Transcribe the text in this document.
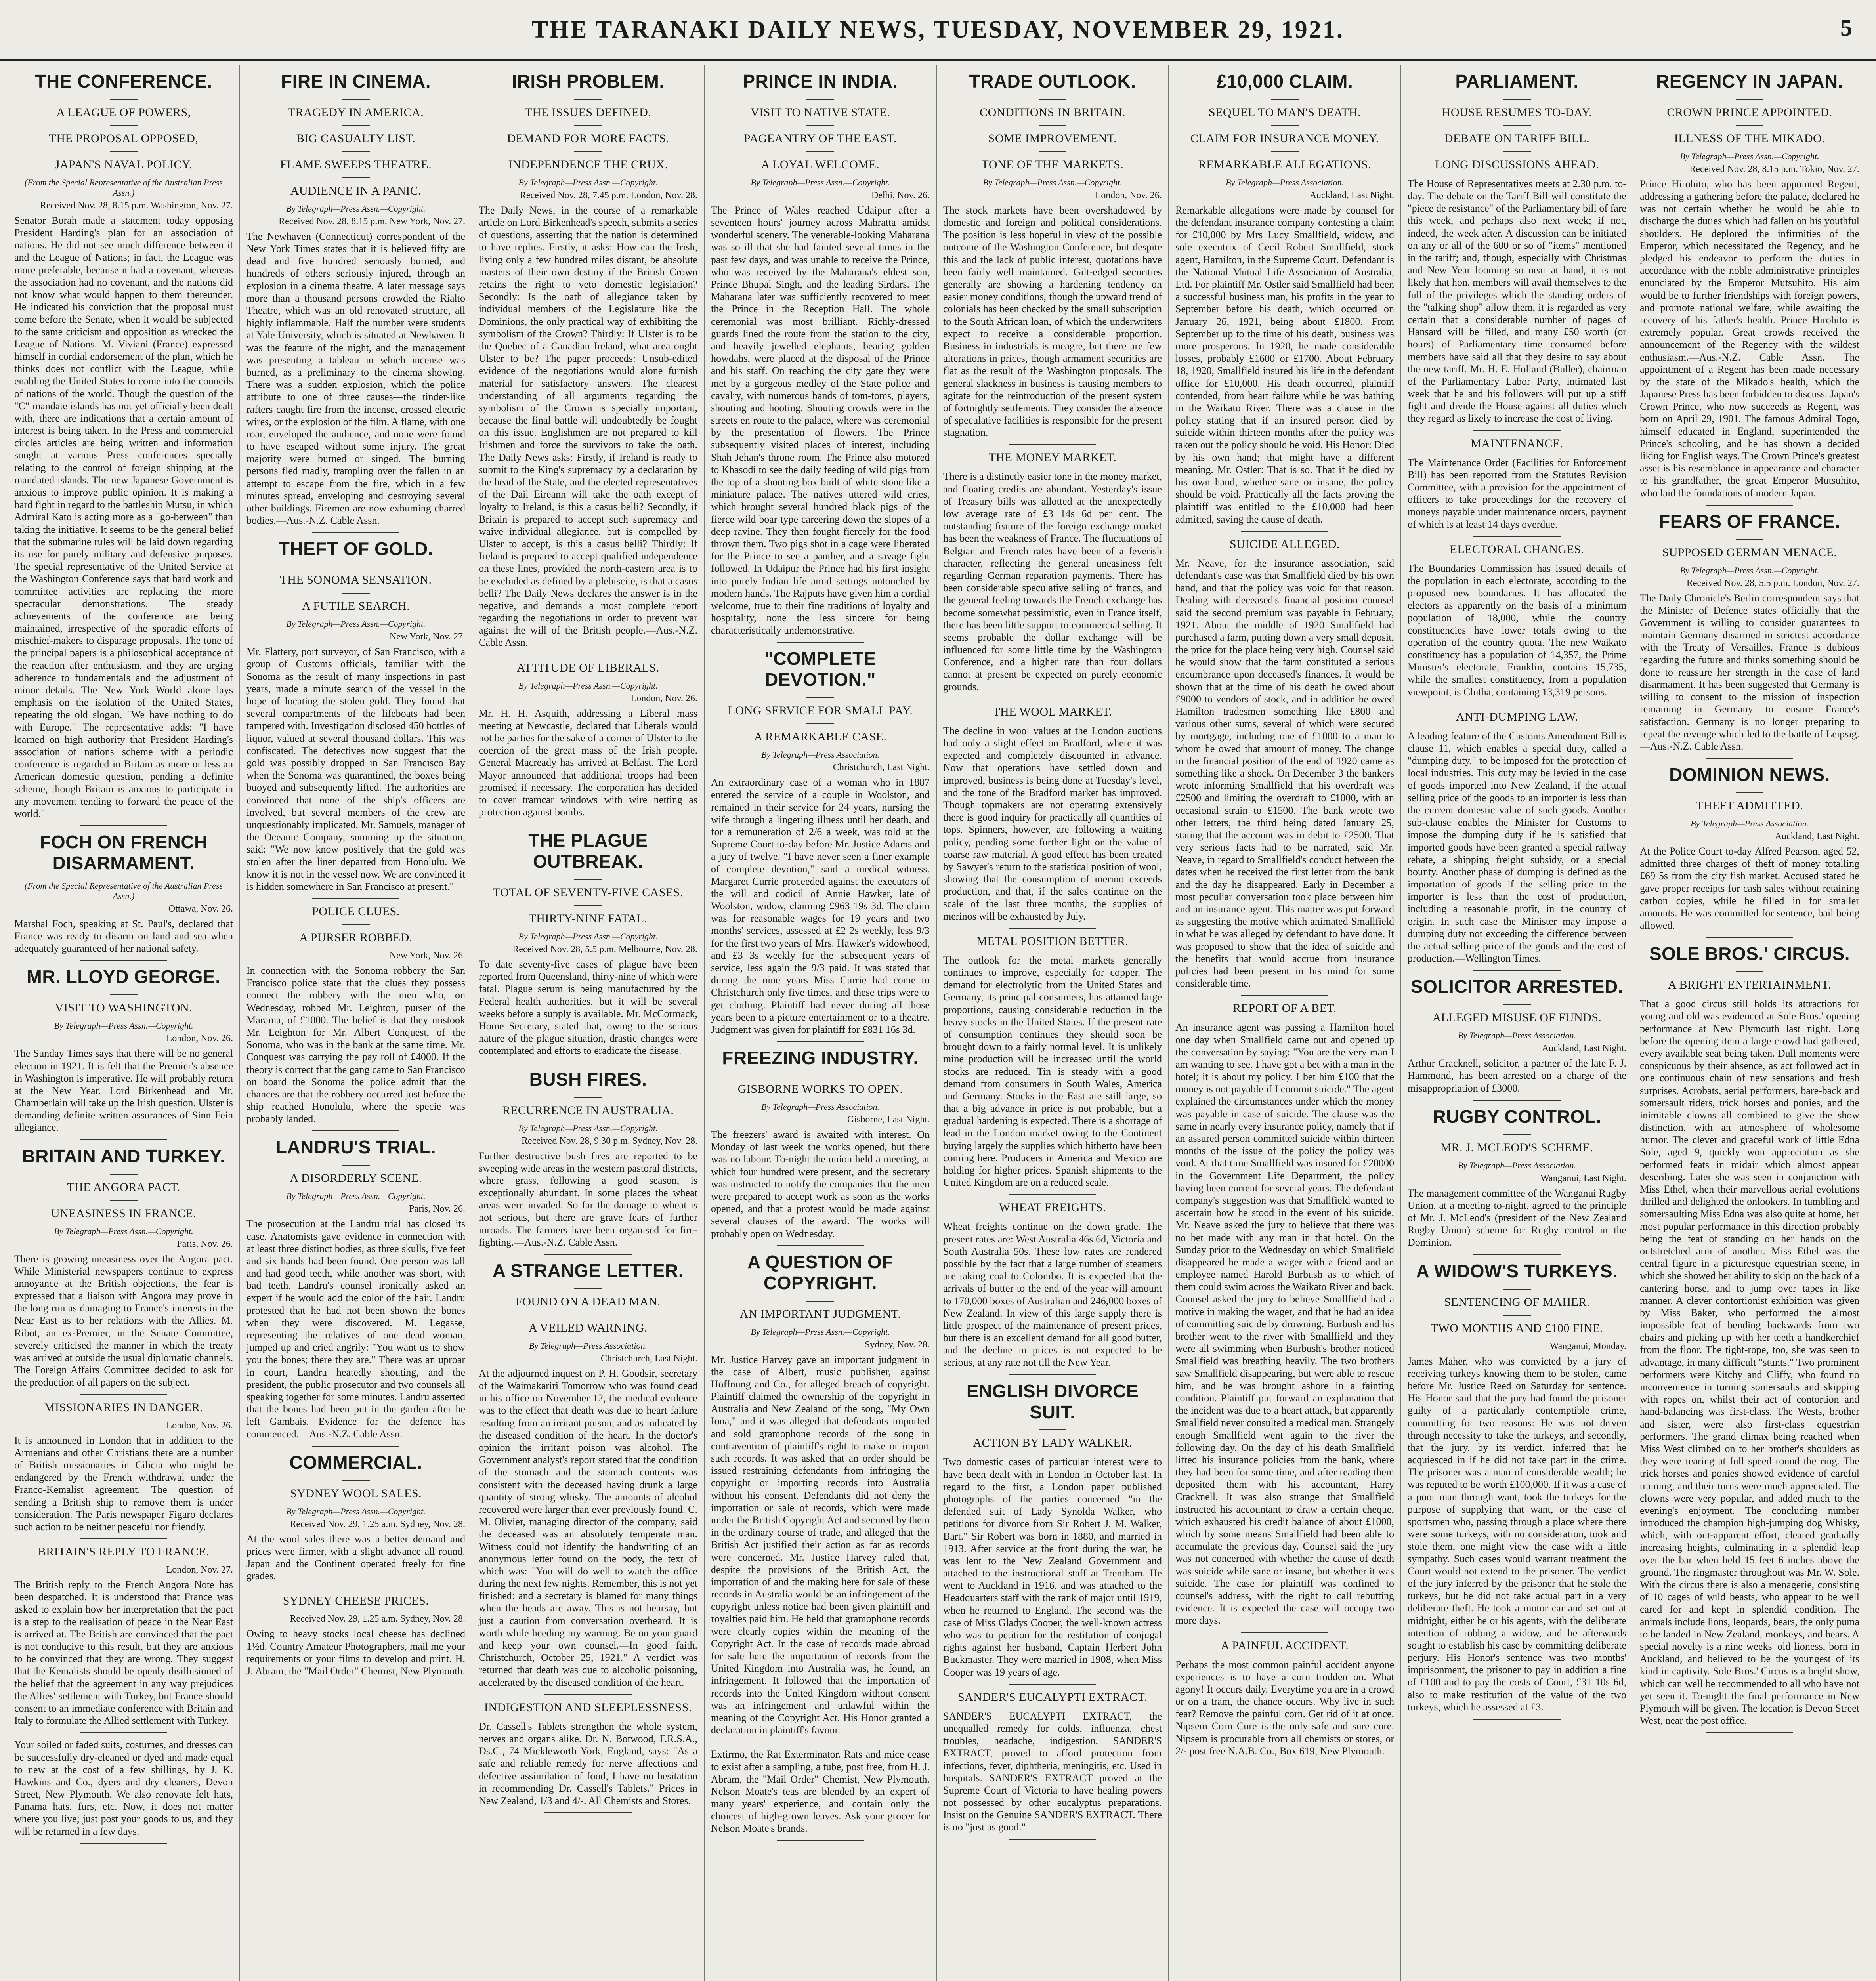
THE TARANAKI DAILY NEWS, TUESDAY, NOVEMBER 29, 1921.	5
THE CONFERENCE.
A LEAGUE OF POWERS,
THE PROPOSAL OPPOSED,
JAPAN'S NAVAL POLICY.
(From the Special Representative of the Australian Press Assn.)
Received Nov. 28, 8.15 p.m. Washington, Nov. 27.

Senator Borah made a statement today opposing President Harding's plan for an association of nations. He did not see much difference between it and the League of Nations; in fact, the League was more preferable, because it had a covenant, whereas the association had no covenant, and the nations did not know what would happen to them thereunder. He indicated his conviction that the proposal must come before the Senate, when it would be subjected to the same criticism and opposition as wrecked the League of Nations. M. Viviani (France) expressed himself in cordial endorsement of the plan, which he thinks does not conflict with the League, while enabling the United States to come into the councils of nations of the world. Though the question of the "C" mandate islands has not yet officially been dealt with, there are indications that a certain amount of interest is being taken. In the Press and commercial circles articles are being written and information sought at various Press conferences specially relating to the control of foreign shipping at the mandated islands. The new Japanese Government is anxious to improve public opinion. It is making a hard fight in regard to the battleship Mutsu, in which Admiral Kato is acting more as a "go-between" than taking the initiative. It seems to be the general belief that the submarine rules will be laid down regarding its use for purely military and defensive purposes. The special representative of the United Service at the Washington Conference says that hard work and committee activities are replacing the more spectacular demonstrations. The steady achievements of the conference are being maintained, irrespective of the sporadic efforts of mischief-makers to disparage proposals. The tone of the principal papers is a philosophical acceptance of the reaction after enthusiasm, and they are urging adherence to fundamentals and the adjustment of minor details. The New York World alone lays emphasis on the isolation of the United States, repeating the old slogan, "We have nothing to do with Europe." The representative adds: "I have learned on high authority that President Harding's association of nations scheme with a periodic conference is regarded in Britain as more or less an American domestic question, pending a definite scheme, though Britain is anxious to participate in any movement tending to forward the peace of the world."

FOCH ON FRENCH DISARMAMENT.
(From the Special Representative of the Australian Press Assn.)
Ottawa, Nov. 26.

Marshal Foch, speaking at St. Paul's, declared that France was ready to disarm on land and sea when adequately guaranteed of her national safety.

MR. LLOYD GEORGE.
VISIT TO WASHINGTON.
By Telegraph—Press Assn.—Copyright.
London, Nov. 26.

The Sunday Times says that there will be no general election in 1921. It is felt that the Premier's absence in Washington is imperative. He will probably return at the New Year. Lord Birkenhead and Mr. Chamberlain will take up the Irish question. Ulster is demanding definite written assurances of Sinn Fein allegiance.

BRITAIN AND TURKEY.
THE ANGORA PACT.
UNEASINESS IN FRANCE.
By Telegraph—Press Assn.—Copyright.
Paris, Nov. 26.

There is growing uneasiness over the Angora pact. While Ministerial newspapers continue to express annoyance at the British objections, the fear is expressed that a liaison with Angora may prove in the long run as damaging to France's interests in the Near East as to her relations with the Allies. M. Ribot, an ex-Premier, in the Senate Committee, severely criticised the manner in which the treaty was arrived at outside the usual diplomatic channels. The Foreign Affairs Committee decided to ask for the production of all papers on the subject.

MISSIONARIES IN DANGER.
London, Nov. 26.

It is announced in London that in addition to the Armenians and other Christians there are a number of British missionaries in Cilicia who might be endangered by the French withdrawal under the Franco-Kemalist agreement. The question of sending a British ship to remove them is under consideration. The Paris newspaper Figaro declares such action to be neither peaceful nor friendly.

BRITAIN'S REPLY TO FRANCE.
London, Nov. 27.

The British reply to the French Angora Note has been despatched. It is understood that France was asked to explain how her interpretation that the pact is a step to the realisation of peace in the Near East is arrived at. The British are convinced that the pact is not conducive to this result, but they are anxious to be convinced that they are wrong. They suggest that the Kemalists should be openly disillusioned of the belief that the agreement in any way prejudices the Allies' settlement with Turkey, but France should consent to an immediate conference with Britain and Italy to formulate the Allied settlement with Turkey.

Your soiled or faded suits, costumes, and dresses can be successfully dry-cleaned or dyed and made equal to new at the cost of a few shillings, by J. K. Hawkins and Co., dyers and dry cleaners, Devon Street, New Plymouth. We also renovate felt hats, Panama hats, furs, etc. Now, it does not matter where you live; just post your goods to us, and they will be returned in a few days.

FIRE IN CINEMA.
TRAGEDY IN AMERICA.
BIG CASUALTY LIST.
FLAME SWEEPS THEATRE.
AUDIENCE IN A PANIC.
By Telegraph—Press Assn.—Copyright.
Received Nov. 28, 8.15 p.m. New York, Nov. 27.

The Newhaven (Connecticut) correspondent of the New York Times states that it is believed fifty are dead and five hundred seriously burned, and hundreds of others seriously injured, through an explosion in a cinema theatre. A later message says more than a thousand persons crowded the Rialto Theatre, which was an old renovated structure, all highly inflammable. Half the number were students at Yale University, which is situated at Newhaven. It was the feature of the night, and the management was presenting a tableau in which incense was burned, as a preliminary to the cinema showing. There was a sudden explosion, which the police attribute to one of three causes—the tinder-like rafters caught fire from the incense, crossed electric wires, or the explosion of the film. A flame, with one roar, enveloped the audience, and none were found to have escaped without some injury. The great majority were burned or singed. The burning persons fled madly, trampling over the fallen in an attempt to escape from the fire, which in a few minutes spread, enveloping and destroying several other buildings. Firemen are now exhuming charred bodies.—Aus.-N.Z. Cable Assn.

THEFT OF GOLD.
THE SONOMA SENSATION.
A FUTILE SEARCH.
By Telegraph—Press Assn.—Copyright.
New York, Nov. 27.

Mr. Flattery, port surveyor, of San Francisco, with a group of Customs officials, familiar with the Sonoma as the result of many inspections in past years, made a minute search of the vessel in the hope of locating the stolen gold. They found that several compartments of the lifeboats had been tampered with. Investigation disclosed 450 bottles of liquor, valued at several thousand dollars. This was confiscated. The detectives now suggest that the gold was possibly dropped in San Francisco Bay when the Sonoma was quarantined, the boxes being buoyed and subsequently lifted. The authorities are convinced that none of the ship's officers are involved, but several members of the crew are unquestionably implicated. Mr. Samuels, manager of the Oceanic Company, summing up the situation, said: "We now know positively that the gold was stolen after the liner departed from Honolulu. We know it is not in the vessel now. We are convinced it is hidden somewhere in San Francisco at present."

POLICE CLUES.
A PURSER ROBBED.
New York, Nov. 26.

In connection with the Sonoma robbery the San Francisco police state that the clues they possess connect the robbery with the men who, on Wednesday, robbed Mr. Leighton, purser of the Marama, of £1000. The belief is that they mistook Mr. Leighton for Mr. Albert Conquest, of the Sonoma, who was in the bank at the same time. Mr. Conquest was carrying the pay roll of £4000. If the theory is correct that the gang came to San Francisco on board the Sonoma the police admit that the chances are that the robbery occurred just before the ship reached Honolulu, where the specie was probably landed.

LANDRU'S TRIAL.
A DISORDERLY SCENE.
By Telegraph—Press Assn.—Copyright.
Paris, Nov. 26.

The prosecution at the Landru trial has closed its case. Anatomists gave evidence in connection with at least three distinct bodies, as three skulls, five feet and six hands had been found. One person was tall and had good teeth, while another was short, with bad teeth. Landru's counsel ironically asked an expert if he would add the color of the hair. Landru protested that he had not been shown the bones when they were discovered. M. Legasse, representing the relatives of one dead woman, jumped up and cried angrily: "You want us to show you the bones; there they are." There was an uproar in court, Landru heatedly shouting, and the president, the public prosecutor and two counsels all speaking together for some minutes. Landru asserted that the bones had been put in the garden after he left Gambais. Evidence for the defence has commenced.—Aus.-N.Z. Cable Assn.

COMMERCIAL.
SYDNEY WOOL SALES.
By Telegraph—Press Assn.—Copyright.
Received Nov. 29, 1.25 a.m. Sydney, Nov. 28.

At the wool sales there was a better demand and prices were firmer, with a slight advance all round. Japan and the Continent operated freely for fine grades.

SYDNEY CHEESE PRICES.
Received Nov. 29, 1.25 a.m. Sydney, Nov. 28.

Owing to heavy stocks local cheese has declined 1½d. Country Amateur Photographers, mail me your requirements or your films to develop and print. H. J. Abram, the "Mail Order" Chemist, New Plymouth.

IRISH PROBLEM.
THE ISSUES DEFINED.
DEMAND FOR MORE FACTS.
INDEPENDENCE THE CRUX.
By Telegraph—Press Assn.—Copyright.
Received Nov. 28, 7.45 p.m. London, Nov. 28.

The Daily News, in the course of a remarkable article on Lord Birkenhead's speech, submits a series of questions, asserting that the nation is determined to have replies. Firstly, it asks: How can the Irish, living only a few hundred miles distant, be absolute masters of their own destiny if the British Crown retains the right to veto domestic legislation? Secondly: Is the oath of allegiance taken by individual members of the Legislature like the Dominions, the only practical way of exhibiting the symbolism of the Crown? Thirdly: If Ulster is to be the Quebec of a Canadian Ireland, what area ought Ulster to be? The paper proceeds: Unsub-edited evidence of the negotiations would alone furnish material for satisfactory answers. The clearest understanding of all arguments regarding the symbolism of the Crown is specially important, because the final battle will undoubtedly be fought on this issue. Englishmen are not prepared to kill Irishmen and force the survivors to take the oath. The Daily News asks: Firstly, if Ireland is ready to submit to the King's supremacy by a declaration by the head of the State, and the elected representatives of the Dail Eireann will take the oath except of loyalty to Ireland, is this a casus belli? Secondly, if Britain is prepared to accept such supremacy and waive individual allegiance, but is compelled by Ulster to accept, is this a casus belli? Thirdly: If Ireland is prepared to accept qualified independence on these lines, provided the north-eastern area is to be excluded as defined by a plebiscite, is that a casus belli? The Daily News declares the answer is in the negative, and demands a most complete report regarding the negotiations in order to prevent war against the will of the British people.—Aus.-N.Z. Cable Assn.

ATTITUDE OF LIBERALS.
By Telegraph—Press Assn.—Copyright.
London, Nov. 26.

Mr. H. H. Asquith, addressing a Liberal mass meeting at Newcastle, declared that Liberals would not be parties for the sake of a corner of Ulster to the coercion of the great mass of the Irish people. General Macready has arrived at Belfast. The Lord Mayor announced that additional troops had been promised if necessary. The corporation has decided to cover tramcar windows with wire netting as protection against bombs.

THE PLAGUE OUTBREAK.
TOTAL OF SEVENTY-FIVE CASES.
THIRTY-NINE FATAL.
By Telegraph—Press Assn.—Copyright.
Received Nov. 28, 5.5 p.m. Melbourne, Nov. 28.

To date seventy-five cases of plague have been reported from Queensland, thirty-nine of which were fatal. Plague serum is being manufactured by the Federal health authorities, but it will be several weeks before a supply is available. Mr. McCormack, Home Secretary, stated that, owing to the serious nature of the plague situation, drastic changes were contemplated and efforts to eradicate the disease.

BUSH FIRES.
RECURRENCE IN AUSTRALIA.
By Telegraph—Press Assn.—Copyright.
Received Nov. 28, 9.30 p.m. Sydney, Nov. 28.

Further destructive bush fires are reported to be sweeping wide areas in the western pastoral districts, where grass, following a good season, is exceptionally abundant. In some places the wheat areas were invaded. So far the damage to wheat is not serious, but there are grave fears of further inroads. The farmers have been organised for fire-fighting.—Aus.-N.Z. Cable Assn.

A STRANGE LETTER.
FOUND ON A DEAD MAN.
A VEILED WARNING.
By Telegraph—Press Association.
Christchurch, Last Night.

At the adjourned inquest on P. H. Goodsir, secretary of the Waimakariri Tomorrow who was found dead in his office on November 12, the medical evidence was to the effect that death was due to heart failure resulting from an irritant poison, and as indicated by the diseased condition of the heart. In the doctor's opinion the irritant poison was alcohol. The Government analyst's report stated that the condition of the stomach and the stomach contents was consistent with the deceased having drunk a large quantity of strong whisky. The amounts of alcohol recovered were larger than ever previously found. C. M. Olivier, managing director of the company, said the deceased was an absolutely temperate man. Witness could not identify the handwriting of an anonymous letter found on the body, the text of which was: "You will do well to watch the office during the next few nights. Remember, this is not yet finished: and a secretary is blamed for many things when the heads are away. This is not hearsay, but just a caution from conversation overheard. It is worth while heeding my warning. Be on your guard and keep your own counsel.—In good faith. Christchurch, October 25, 1921." A verdict was returned that death was due to alcoholic poisoning, accelerated by the diseased condition of the heart.

INDIGESTION AND SLEEPLESSNESS.

Dr. Cassell's Tablets strengthen the whole system, nerves and organs alike. Dr. N. Botwood, F.R.S.A., Ds.C., 74 Mickleworth York, England, says: "As a safe and reliable remedy for nerve affections and defective assimilation of food, I have no hesitation in recommending Dr. Cassell's Tablets." Prices in New Zealand, 1/3 and 4/-. All Chemists and Stores.

PRINCE IN INDIA.
VISIT TO NATIVE STATE.
PAGEANTRY OF THE EAST.
A LOYAL WELCOME.
By Telegraph—Press Assn.—Copyright.
Delhi, Nov. 26.

The Prince of Wales reached Udaipur after a seventeen hours' journey across Mahratta amidst wonderful scenery. The venerable-looking Maharana was so ill that she had fainted several times in the past few days, and was unable to receive the Prince, who was received by the Maharana's eldest son, Prince Bhupal Singh, and the leading Sirdars. The Maharana later was sufficiently recovered to meet the Prince in the Reception Hall. The whole ceremonial was most brilliant. Richly-dressed guards lined the route from the station to the city, and heavily jewelled elephants, bearing golden howdahs, were placed at the disposal of the Prince and his staff. On reaching the city gate they were met by a gorgeous medley of the State police and cavalry, with numerous bands of tom-toms, players, shouting and hooting. Shouting crowds were in the streets en route to the palace, where was ceremonial by the presentation of flowers. The Prince subsequently visited places of interest, including Shah Jehan's throne room. The Prince also motored to Khasodi to see the daily feeding of wild pigs from the top of a shooting box built of white stone like a miniature palace. The natives uttered wild cries, which brought several hundred black pigs of the fierce wild boar type careering down the slopes of a deep ravine. They then fought fiercely for the food thrown them. Two pigs shot in a cage were liberated for the Prince to see a panther, and a savage fight followed. In Udaipur the Prince had his first insight into purely Indian life amid settings untouched by modern hands. The Rajputs have given him a cordial welcome, true to their fine traditions of loyalty and hospitality, none the less sincere for being characteristically undemonstrative.

"COMPLETE DEVOTION."
LONG SERVICE FOR SMALL PAY.
A REMARKABLE CASE.
By Telegraph—Press Association.
Christchurch, Last Night.

An extraordinary case of a woman who in 1887 entered the service of a couple in Woolston, and remained in their service for 24 years, nursing the wife through a lingering illness until her death, and for a remuneration of 2/6 a week, was told at the Supreme Court to-day before Mr. Justice Adams and a jury of twelve. "I have never seen a finer example of complete devotion," said a medical witness. Margaret Currie proceeded against the executors of the will and codicil of Annie Hawker, late of Woolston, widow, claiming £963 19s 3d. The claim was for reasonable wages for 19 years and two months' services, assessed at £2 2s weekly, less 9/3 for the first two years of Mrs. Hawker's widowhood, and £3 3s weekly for the subsequent years of service, less again the 9/3 paid. It was stated that during the nine years Miss Currie had come to Christchurch only five times, and these trips were to get clothing. Plaintiff had never during all those years been to a picture entertainment or to a theatre. Judgment was given for plaintiff for £831 16s 3d.

FREEZING INDUSTRY.
GISBORNE WORKS TO OPEN.
By Telegraph—Press Association.
Gisborne, Last Night.

The freezers' award is awaited with interest. On Monday of last week the works opened, but there was no labour. To-night the union held a meeting, at which four hundred were present, and the secretary was instructed to notify the companies that the men were prepared to accept work as soon as the works opened, and that a protest would be made against several clauses of the award. The works will probably open on Wednesday.

A QUESTION OF COPYRIGHT.
AN IMPORTANT JUDGMENT.
By Telegraph—Press Assn.—Copyright.
Sydney, Nov. 28.

Mr. Justice Harvey gave an important judgment in the case of Albert, music publisher, against Hoffnung and Co., for alleged breach of copyright. Plaintiff claimed the ownership of the copyright in Australia and New Zealand of the song, "My Own Iona," and it was alleged that defendants imported and sold gramophone records of the song in contravention of plaintiff's right to make or import such records. It was asked that an order should be issued restraining defendants from infringing the copyright or importing records into Australia without his consent. Defendants did not deny the importation or sale of records, which were made under the British Copyright Act and secured by them in the ordinary course of trade, and alleged that the British Act justified their action as far as records were concerned. Mr. Justice Harvey ruled that, despite the provisions of the British Act, the importation of and the making here for sale of these records in Australia would be an infringement of the copyright unless notice had been given plaintiff and royalties paid him. He held that gramophone records were clearly copies within the meaning of the Copyright Act. In the case of records made abroad for sale here the importation of records from the United Kingdom into Australia was, he found, an infringement. It followed that the importation of records into the United Kingdom without consent was an infringement and unlawful within the meaning of the Copyright Act. His Honor granted a declaration in plaintiff's favour.

Extirmo, the Rat Exterminator. Rats and mice cease to exist after a sampling, a tube, post free, from H. J. Abram, the "Mail Order" Chemist, New Plymouth. Nelson Moate's teas are blended by an expert of many years' experience, and contain only the choicest of high-grown leaves. Ask your grocer for Nelson Moate's brands.

TRADE OUTLOOK.
CONDITIONS IN BRITAIN.
SOME IMPROVEMENT.
TONE OF THE MARKETS.
By Telegraph—Press Assn.—Copyright.
London, Nov. 26.

The stock markets have been overshadowed by domestic and foreign and political considerations. The position is less hopeful in view of the possible outcome of the Washington Conference, but despite this and the lack of public interest, quotations have been fairly well maintained. Gilt-edged securities generally are showing a hardening tendency on easier money conditions, though the upward trend of colonials has been checked by the small subscription to the South African loan, of which the underwriters expect to receive a considerable proportion. Business in industrials is meagre, but there are few alterations in prices, though armament securities are flat as the result of the Washington proposals. The general slackness in business is causing members to agitate for the reintroduction of the present system of fortnightly settlements. They consider the absence of speculative facilities is responsible for the present stagnation.

THE MONEY MARKET.

There is a distinctly easier tone in the money market, and floating credits are abundant. Yesterday's issue of Treasury bills was allotted at the unexpectedly low average rate of £3 14s 6d per cent. The outstanding feature of the foreign exchange market has been the weakness of France. The fluctuations of Belgian and French rates have been of a feverish character, reflecting the general uneasiness felt regarding German reparation payments. There has been considerable speculative selling of francs, and the general feeling towards the French exchange has become somewhat pessimistic, even in France itself, there has been little support to commercial selling. It seems probable the dollar exchange will be influenced for some little time by the Washington Conference, and a higher rate than four dollars cannot at present be expected on purely economic grounds.

THE WOOL MARKET.

The decline in wool values at the London auctions had only a slight effect on Bradford, where it was expected and completely discounted in advance. Now that operations have settled down and improved, business is being done at Tuesday's level, and the tone of the Bradford market has improved. Though topmakers are not operating extensively there is good inquiry for practically all quantities of tops. Spinners, however, are following a waiting policy, pending some further light on the value of coarse raw material. A good effect has been created by Sawyer's return to the statistical position of wool, showing that the consumption of merino exceeds production, and that, if the sales continue on the scale of the last three months, the supplies of merinos will be exhausted by July.

METAL POSITION BETTER.

The outlook for the metal markets generally continues to improve, especially for copper. The demand for electrolytic from the United States and Germany, its principal consumers, has attained large proportions, causing considerable reduction in the heavy stocks in the United States. If the present rate of consumption continues they should soon be brought down to a fairly normal level. It is unlikely mine production will be increased until the world stocks are reduced. Tin is steady with a good demand from consumers in South Wales, America and Germany. Stocks in the East are still large, so that a big advance in price is not probable, but a gradual hardening is expected. There is a shortage of lead in the London market owing to the Continent buying largely the supplies which hitherto have been coming here. Producers in America and Mexico are holding for higher prices. Spanish shipments to the United Kingdom are on a reduced scale.

WHEAT FREIGHTS.

Wheat freights continue on the down grade. The present rates are: West Australia 46s 6d, Victoria and South Australia 50s. These low rates are rendered possible by the fact that a large number of steamers are taking coal to Colombo. It is expected that the arrivals of butter to the end of the year will amount to 170,000 boxes of Australian and 246,000 boxes of New Zealand. In view of this large supply there is little prospect of the maintenance of present prices, but there is an excellent demand for all good butter, and the decline in prices is not expected to be serious, at any rate not till the New Year.

ENGLISH DIVORCE SUIT.
ACTION BY LADY WALKER.

Two domestic cases of particular interest were to have been dealt with in London in October last. In regard to the first, a London paper published photographs of the parties concerned "in the defended suit of Lady Synolda Walker, who petitions for divorce from Sir Robert J. M. Walker, Bart." Sir Robert was born in 1880, and married in 1913. After service at the front during the war, he was lent to the New Zealand Government and attached to the instructional staff at Trentham. He went to Auckland in 1916, and was attached to the Headquarters staff with the rank of major until 1919, when he returned to England. The second was the case of Miss Gladys Cooper, the well-known actress who was to petition for the restitution of conjugal rights against her husband, Captain Herbert John Buckmaster. They were married in 1908, when Miss Cooper was 19 years of age.

SANDER'S EUCALYPTI EXTRACT.

SANDER'S EUCALYPTI EXTRACT, the unequalled remedy for colds, influenza, chest troubles, headache, indigestion. SANDER'S EXTRACT, proved to afford protection from infections, fever, diphtheria, meningitis, etc. Used in hospitals. SANDER'S EXTRACT proved at the Supreme Court of Victoria to have healing powers not possessed by other eucalyptus preparations. Insist on the Genuine SANDER'S EXTRACT. There is no "just as good."

£10,000 CLAIM.
SEQUEL TO MAN'S DEATH.
CLAIM FOR INSURANCE MONEY.
REMARKABLE ALLEGATIONS.
By Telegraph—Press Association.
Auckland, Last Night.

Remarkable allegations were made by counsel for the defendant insurance company contesting a claim for £10,000 by Mrs Lucy Smallfield, widow, and sole executrix of Cecil Robert Smallfield, stock agent, Hamilton, in the Supreme Court. Defendant is the National Mutual Life Association of Australia, Ltd. For plaintiff Mr. Ostler said Smallfield had been a successful business man, his profits in the year to September before his death, which occurred on January 26, 1921, being about £1800. From September up to the time of his death, business was more prosperous. In 1920, he made considerable losses, probably £1600 or £1700. About February 18, 1920, Smallfield insured his life in the defendant office for £10,000. His death occurred, plaintiff contended, from heart failure while he was bathing in the Waikato River. There was a clause in the policy stating that if an insured person died by suicide within thirteen months after the policy was taken out the policy should be void. His Honor: Died by his own hand; that might have a different meaning. Mr. Ostler: That is so. That if he died by his own hand, whether sane or insane, the policy should be void. Practically all the facts proving the plaintiff was entitled to the £10,000 had been admitted, saving the cause of death.

SUICIDE ALLEGED.

Mr. Neave, for the insurance association, said defendant's case was that Smallfield died by his own hand, and that the policy was void for that reason. Dealing with deceased's financial position counsel said the second premium was payable in February, 1921. About the middle of 1920 Smallfield had purchased a farm, putting down a very small deposit, the price for the place being very high. Counsel said he would show that the farm constituted a serious encumbrance upon deceased's finances. It would be shown that at the time of his death he owed about £9000 to vendors of stock, and in addition he owed Hamilton tradesmen something like £800 and various other sums, several of which were secured by mortgage, including one of £1000 to a man to whom he owed that amount of money. The change in the financial position of the end of 1920 came as something like a shock. On December 3 the bankers wrote informing Smallfield that his overdraft was £2500 and limiting the overdraft to £1000, with an occasional strain to £1500. The bank wrote two other letters, the third being dated January 25, stating that the account was in debit to £2500. That very serious facts had to be narrated, said Mr. Neave, in regard to Smallfield's conduct between the dates when he received the first letter from the bank and the day he disappeared. Early in December a most peculiar conversation took place between him and an insurance agent. This matter was put forward as suggesting the motive which animated Smallfield in what he was alleged by defendant to have done. It was proposed to show that the idea of suicide and the benefits that would accrue from insurance policies had been present in his mind for some considerable time.

REPORT OF A BET.

An insurance agent was passing a Hamilton hotel one day when Smallfield came out and opened up the conversation by saying: "You are the very man I am wanting to see. I have got a bet with a man in the hotel; it is about my policy. I bet him £100 that the money is not payable if I commit suicide." The agent explained the circumstances under which the money was payable in case of suicide. The clause was the same in nearly every insurance policy, namely that if an assured person committed suicide within thirteen months of the issue of the policy the policy was void. At that time Smallfield was insured for £20000 in the Government Life Department, the policy having been current for several years. The defendant company's suggestion was that Smallfield wanted to ascertain how he stood in the event of his suicide. Mr. Neave asked the jury to believe that there was no bet made with any man in that hotel. On the Sunday prior to the Wednesday on which Smallfield disappeared he made a wager with a friend and an employee named Harold Burbush as to which of them could swim across the Waikato River and back. Counsel asked the jury to believe Smallfield had a motive in making the wager, and that he had an idea of committing suicide by drowning. Burbush and his brother went to the river with Smallfield and they were all swimming when Burbush's brother noticed Smallfield was breathing heavily. The two brothers saw Smallfield disappearing, but were able to rescue him, and he was brought ashore in a fainting condition. Plaintiff put forward an explanation that the incident was due to a heart attack, but apparently Smallfield never consulted a medical man. Strangely enough Smallfield went again to the river the following day. On the day of his death Smallfield lifted his insurance policies from the bank, where they had been for some time, and after reading them deposited them with his accountant, Harry Cracknell. It was also strange that Smallfield instructed his accountant to draw a certain cheque, which exhausted his credit balance of about £1000, which by some means Smallfield had been able to accumulate the previous day. Counsel said the jury was not concerned with whether the cause of death was suicide while sane or insane, but whether it was suicide. The case for plaintiff was confined to counsel's address, with the right to call rebutting evidence. It is expected the case will occupy two more days.

A PAINFUL ACCIDENT.

Perhaps the most common painful accident anyone experiences is to have a corn trodden on. What agony! It occurs daily. Everytime you are in a crowd or on a tram, the chance occurs. Why live in such fear? Remove the painful corn. Get rid of it at once. Nipsem Corn Cure is the only safe and sure cure. Nipsem is procurable from all chemists or stores, or 2/- post free N.A.B. Co., Box 619, New Plymouth.

PARLIAMENT.
HOUSE RESUMES TO-DAY.
DEBATE ON TARIFF BILL.
LONG DISCUSSIONS AHEAD.

The House of Representatives meets at 2.30 p.m. to-day. The debate on the Tariff Bill will constitute the "piece de resistance" of the Parliamentary bill of fare this week, and perhaps also next week; if not, indeed, the week after. A discussion can be initiated on any or all of the 600 or so of "items" mentioned in the tariff; and, though, especially with Christmas and New Year looming so near at hand, it is not likely that hon. members will avail themselves to the full of the privileges which the standing orders of the "talking shop" allow them, it is regarded as very certain that a considerable number of pages of Hansard will be filled, and many £50 worth (or hours) of Parliamentary time consumed before members have said all that they desire to say about the new tariff. Mr. H. E. Holland (Buller), chairman of the Parliamentary Labor Party, intimated last week that he and his followers will put up a stiff fight and divide the House against all duties which they regard as likely to increase the cost of living.

MAINTENANCE.

The Maintenance Order (Facilities for Enforcement Bill) has been reported from the Statutes Revision Committee, with a provision for the appointment of officers to take proceedings for the recovery of moneys payable under maintenance orders, payment of which is at least 14 days overdue.

ELECTORAL CHANGES.

The Boundaries Commission has issued details of the population in each electorate, according to the proposed new boundaries. It has allocated the electors as apparently on the basis of a minimum population of 18,000, while the country constituencies have lower totals owing to the operation of the country quota. The new Waikato constituency has a population of 14,357, the Prime Minister's electorate, Franklin, contains 15,735, while the smallest constituency, from a population viewpoint, is Clutha, containing 13,319 persons.

ANTI-DUMPING LAW.

A leading feature of the Customs Amendment Bill is clause 11, which enables a special duty, called a "dumping duty," to be imposed for the protection of local industries. This duty may be levied in the case of goods imported into New Zealand, if the actual selling price of the goods to an importer is less than the current domestic value of such goods. Another sub-clause enables the Minister for Customs to impose the dumping duty if he is satisfied that imported goods have been granted a special railway rebate, a shipping freight subsidy, or a special bounty. Another phase of dumping is defined as the importation of goods if the selling price to the importer is less than the cost of production, including a reasonable profit, in the country of origin. In such case the Minister may impose a dumping duty not exceeding the difference between the actual selling price of the goods and the cost of production.—Wellington Times.

SOLICITOR ARRESTED.
ALLEGED MISUSE OF FUNDS.
By Telegraph—Press Association.
Auckland, Last Night.

Arthur Cracknell, solicitor, a partner of the late F. J. Hammond, has been arrested on a charge of the misappropriation of £3000.

RUGBY CONTROL.
MR. J. MCLEOD'S SCHEME.
By Telegraph—Press Association.
Wanganui, Last Night.

The management committee of the Wanganui Rugby Union, at a meeting to-night, agreed to the principle of Mr. J. McLeod's (president of the New Zealand Rugby Union) scheme for Rugby control in the Dominion.

A WIDOW'S TURKEYS.
SENTENCING OF MAHER.
TWO MONTHS AND £100 FINE.
Wanganui, Monday.

James Maher, who was convicted by a jury of receiving turkeys knowing them to be stolen, came before Mr. Justice Reed on Saturday for sentence. His Honor said that the jury had found the prisoner guilty of a particularly contemptible crime, committing for two reasons: He was not driven through necessity to take the turkeys, and secondly, that the jury, by its verdict, inferred that he acquiesced in if he did not take part in the crime. The prisoner was a man of considerable wealth; he was reputed to be worth £100,000. If it was a case of a poor man through want, took the turkeys for the purpose of supplying that want, or the case of sportsmen who, passing through a place where there were some turkeys, with no consideration, took and stole them, one might view the case with a little sympathy. Such cases would warrant treatment the Court would not extend to the prisoner. The verdict of the jury inferred by the prisoner that he stole the turkeys, but he did not take actual part in a very deliberate theft. He took a motor car and set out at midnight, either he or his agents, with the deliberate intention of robbing a widow, and he afterwards sought to establish his case by committing deliberate perjury. His Honor's sentence was two months' imprisonment, the prisoner to pay in addition a fine of £100 and to pay the costs of Court, £31 10s 6d, also to make restitution of the value of the two turkeys, which he assessed at £3.

REGENCY IN JAPAN.
CROWN PRINCE APPOINTED.
ILLNESS OF THE MIKADO.
By Telegraph—Press Assn.—Copyright.
Received Nov. 28, 8.15 p.m. Tokio, Nov. 27.

Prince Hirohito, who has been appointed Regent, addressing a gathering before the palace, declared he was not certain whether he would be able to discharge the duties which had fallen on his youthful shoulders. He deplored the infirmities of the Emperor, which necessitated the Regency, and he pledged his endeavor to perform the duties in accordance with the noble administrative principles enunciated by the Emperor Mutsuhito. His aim would be to further friendships with foreign powers, and promote national welfare, while awaiting the recovery of his father's health. Prince Hirohito is extremely popular. Great crowds received the announcement of the Regency with the wildest enthusiasm.—Aus.-N.Z. Cable Assn. The appointment of a Regent has been made necessary by the state of the Mikado's health, which the Japanese Press has been forbidden to discuss. Japan's Crown Prince, who now succeeds as Regent, was born on April 29, 1901. The famous Admiral Togo, himself educated in England, superintended the Prince's schooling, and he has shown a decided liking for English ways. The Crown Prince's greatest asset is his resemblance in appearance and character to his grandfather, the great Emperor Mutsuhito, who laid the foundations of modern Japan.

FEARS OF FRANCE.
SUPPOSED GERMAN MENACE.
By Telegraph—Press Assn.—Copyright.
Received Nov. 28, 5.5 p.m. London, Nov. 27.

The Daily Chronicle's Berlin correspondent says that the Minister of Defence states officially that the Government is willing to consider guarantees to maintain Germany disarmed in strictest accordance with the Treaty of Versailles. France is dubious regarding the future and thinks something should be done to reassure her strength in the case of land disarmament. It has been suggested that Germany is willing to consent to the mission of inspection remaining in Germany to ensure France's satisfaction. Germany is no longer preparing to repeat the revenge which led to the battle of Leipsig.—Aus.-N.Z. Cable Assn.

DOMINION NEWS.
THEFT ADMITTED.
By Telegraph—Press Association.
Auckland, Last Night.

At the Police Court to-day Alfred Pearson, aged 52, admitted three charges of theft of money totalling £69 5s from the city fish market. Accused stated he gave proper receipts for cash sales without retaining carbon copies, while he filled in for smaller amounts. He was committed for sentence, bail being allowed.

SOLE BROS.' CIRCUS.
A BRIGHT ENTERTAINMENT.

That a good circus still holds its attractions for young and old was evidenced at Sole Bros.' opening performance at New Plymouth last night. Long before the opening item a large crowd had gathered, every available seat being taken. Dull moments were conspicuous by their absence, as act followed act in one continuous chain of new sensations and fresh surprises. Acrobats, aerial performers, bare-back and somersault riders, trick horses and ponies, and the inimitable clowns all combined to give the show distinction, with an atmosphere of wholesome humor. The clever and graceful work of little Edna Sole, aged 9, quickly won appreciation as she performed feats in midair which almost appear describing. Later she was seen in conjunction with Miss Ethel, when their marvellous aerial evolutions thrilled and delighted the onlookers. In tumbling and somersaulting Miss Edna was also quite at home, her most popular performance in this direction probably being the feat of standing on her hands on the outstretched arm of another. Miss Ethel was the central figure in a picturesque equestrian scene, in which she showed her ability to skip on the back of a cantering horse, and to jump over tapes in like manner. A clever contortionist exhibition was given by Miss Baker, who performed the almost impossible feat of bending backwards from two chairs and picking up with her teeth a handkerchief from the floor. The tight-rope, too, she was seen to advantage, in many difficult "stunts." Two prominent performers were Kitchy and Cliffy, who found no inconvenience in turning somersaults and skipping with ropes on, whilst their act of contortion and hand-balancing was first-class. The Wests, brother and sister, were also first-class equestrian performers. The grand climax being reached when Miss West climbed on to her brother's shoulders as they were tearing at full speed round the ring. The trick horses and ponies showed evidence of careful training, and their turns were much appreciated. The clowns were very popular, and added much to the evening's enjoyment. The concluding number introduced the champion high-jumping dog Whisky, which, with out-apparent effort, cleared gradually increasing heights, culminating in a splendid leap over the bar when held 15 feet 6 inches above the ground. The ringmaster throughout was Mr. W. Sole. With the circus there is also a menagerie, consisting of 10 cages of wild beasts, who appear to be well cared for and kept in splendid condition. The animals include lions, leopards, bears, the only puma to be landed in New Zealand, monkeys, and bears. A special novelty is a nine weeks' old lioness, born in Auckland, and believed to be the youngest of its kind in captivity. Sole Bros.' Circus is a bright show, which can well be recommended to all who have not yet seen it. To-night the final performance in New Plymouth will be given. The location is Devon Street West, near the post office.
